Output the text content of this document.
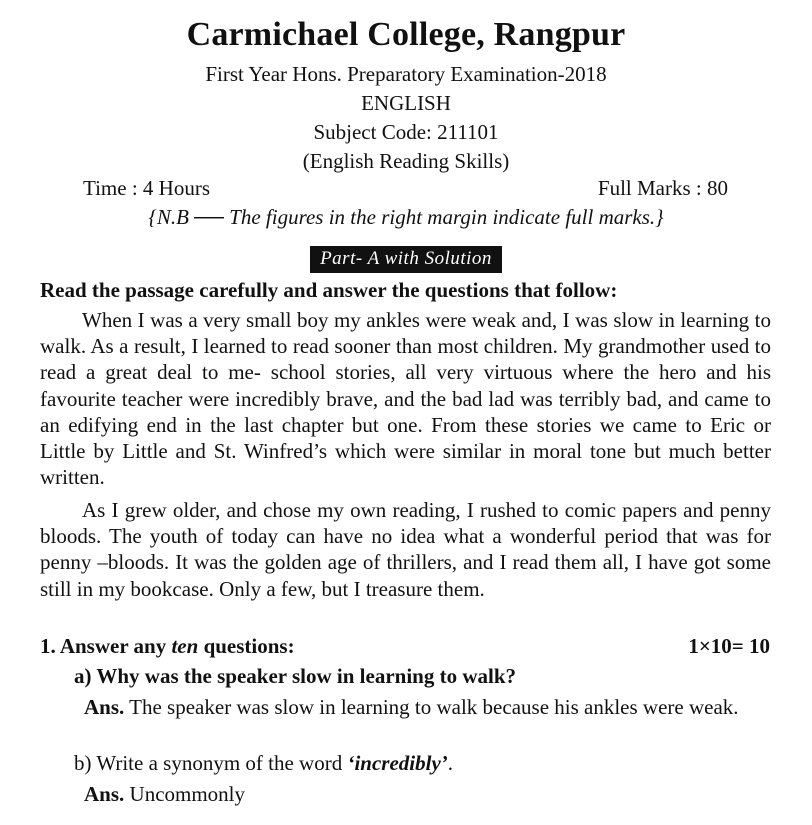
Carmichael College, Rangpur
First Year Hons. Preparatory Examination-2018
ENGLISH
Subject Code: 211101
(English Reading Skills)
Time : 4 Hours	Full Marks : 80
{N.B ── The figures in the right margin indicate full marks.}
Part- A with Solution
Read the passage carefully and answer the questions that follow:

When I was a very small boy my ankles were weak and, I was slow in learning to walk. As a result, I learned to read sooner than most children. My grandmother used to read a great deal to me- school stories, all very virtuous where the hero and his favourite teacher were incredibly brave, and the bad lad was terribly bad, and came to an edifying end in the last chapter but one. From these stories we came to Eric or Little by Little and St. Winfred’s which were similar in moral tone but much better written.

As I grew older, and chose my own reading, I rushed to comic papers and penny bloods. The youth of today can have no idea what a wonderful period that was for penny –bloods. It was the golden age of thrillers, and I read them all, I have got some still in my bookcase. Only a few, but I treasure them.

1. Answer any ten questions:	1×10= 10
a) Why was the speaker slow in learning to walk?

Ans. The speaker was slow in learning to walk because his ankles were weak.

b) Write a synonym of the word ‘incredibly’.

Ans. Uncommonly
